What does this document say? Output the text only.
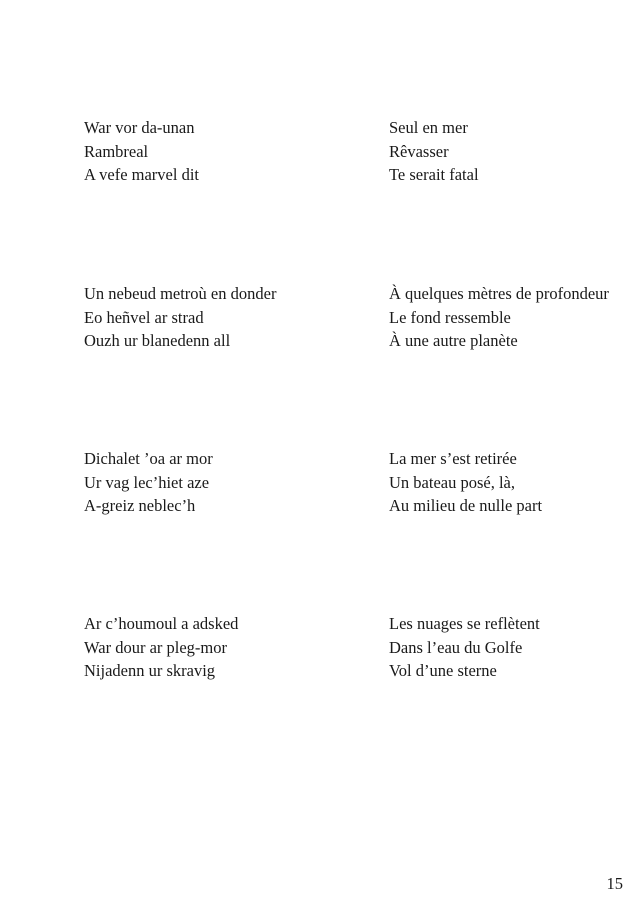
War vor da-unan
Rambreal
A vefe marvel dit
Seul en mer
Rêvasser
Te serait fatal
Un nebeud metroù en donder
Eo heñvel ar strad
Ouzh ur blanedenn all
À quelques mètres de profondeur
Le fond ressemble
À une autre planète
Dichalet ’oa ar mor
Ur vag lec’hiet aze
A-greiz neblec’h
La mer s’est retirée
Un bateau posé, là,
Au milieu de nulle part
Ar c’houmoul a adsked
War dour ar pleg-mor
Nijadenn ur skravig
Les nuages se reflètent
Dans l’eau du Golfe
Vol d’une sterne
15
